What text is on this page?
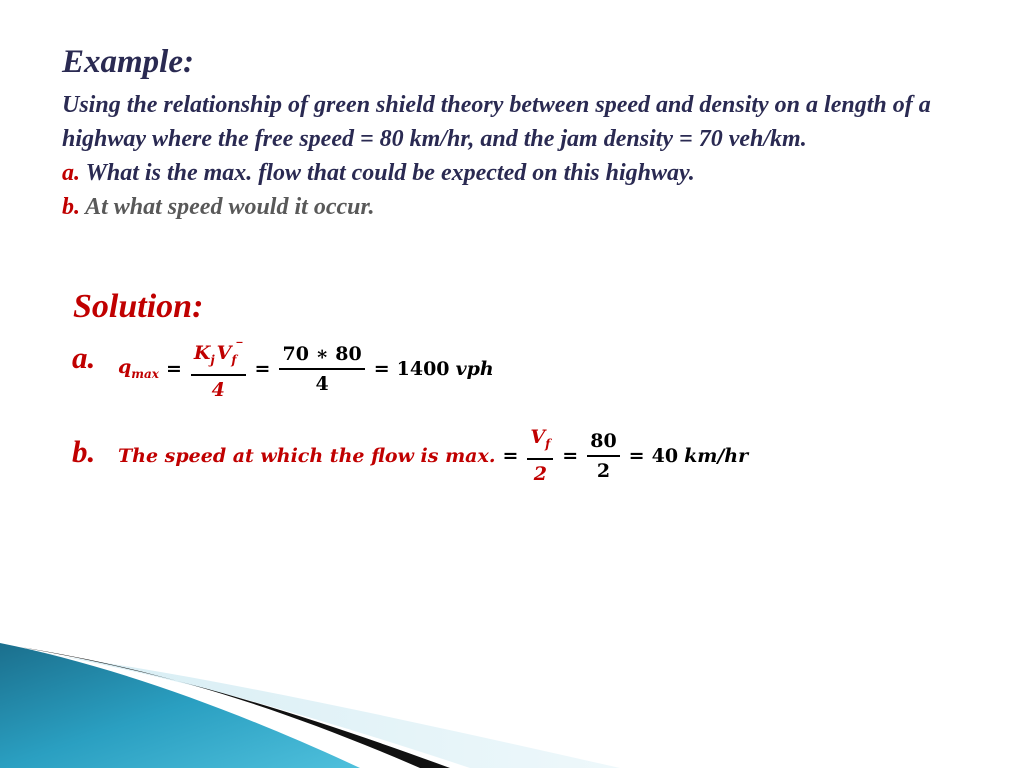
Example:

Using the relationship of green shield theory between speed and density on a length of a highway where the free speed = 80 km/hr, and the jam density = 70 veh/km.

a. What is the max. flow that could be expected on this highway.

b. At what speed would it occur.

Solution:
a. $q_{max} = \frac{K_j V_f^‾}{4} = \frac{70 ∗ 80}{4} = 1400$
vph
b. The speed at which the flow is max. = $\frac{V_f}{2} = \frac{80}{2} = 40$
km/hr
